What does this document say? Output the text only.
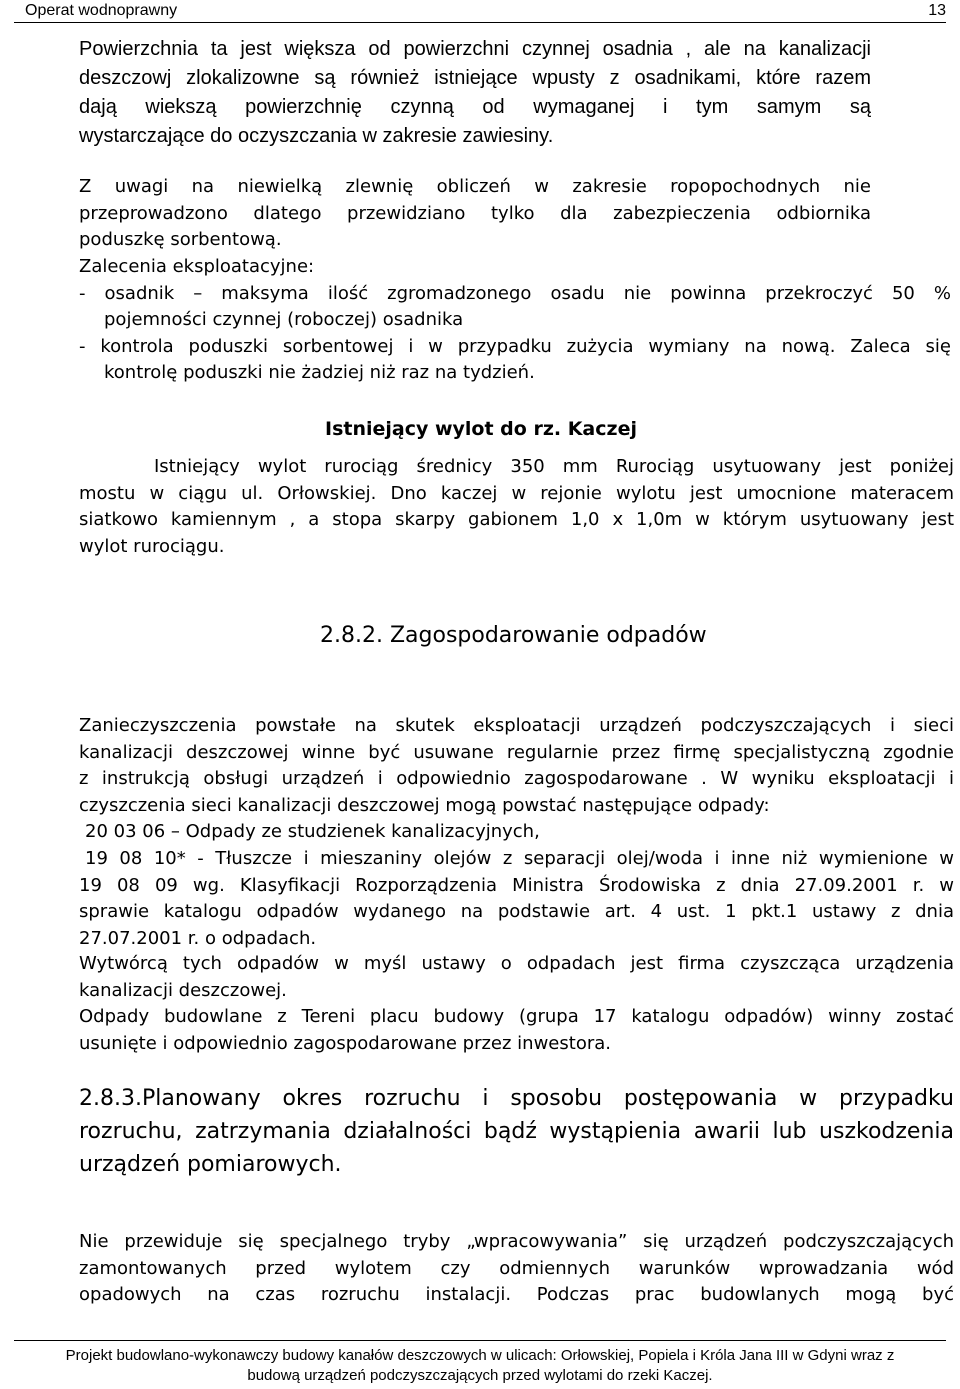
Operat wodnoprawny	13
Powierzchnia ta jest większa od powierzchni czynnej osadnia , ale na kanalizacji
deszczowj zlokalizowne są również istniejące wpusty z osadnikami, które razem
dają wiekszą powierzchnię czynną od wymaganej i tym samym są
wystarczające do oczyszczania w zakresie zawiesiny.
Z uwagi na niewielką zlewnię obliczeń w zakresie ropopochodnych nie
przeprowadzono dlatego przewidziano tylko dla zabezpieczenia odbiornika
poduszkę sorbentową.
Zalecenia eksploatacyjne:
- osadnik – maksyma ilość zgromadzonego osadu nie powinna przekroczyć 50 %
pojemności czynnej (roboczej) osadnika
- kontrola poduszki sorbentowej i w przypadku zużycia wymiany na nową. Zaleca się
kontrolę poduszki nie żadziej niż raz na tydzień.
Istniejący wylot do rz. Kaczej
Istniejący wylot rurociąg średnicy 350 mm Rurociąg usytuowany jest poniżej
mostu w ciągu ul. Orłowskiej. Dno kaczej w rejonie wylotu jest umocnione materacem
siatkowo kamiennym , a stopa skarpy gabionem 1,0 x 1,0m w którym usytuowany jest
wylot rurociągu.
2.8.2. Zagospodarowanie odpadów
Zanieczyszczenia powstałe na skutek eksploatacji urządzeń podczyszczających i sieci
kanalizacji deszczowej winne być usuwane regularnie przez firmę specjalistyczną zgodnie
z instrukcją obsługi urządzeń i odpowiednio zagospodarowane . W wyniku eksploatacji i
czyszczenia sieci kanalizacji deszczowej mogą powstać następujące odpady:
20 03 06 – Odpady ze studzienek kanalizacyjnych,
19 08 10* - Tłuszcze i mieszaniny olejów z separacji olej/woda i inne niż wymienione w
19 08 09 wg. Klasyfikacji Rozporządzenia Ministra Środowiska z dnia 27.09.2001 r. w
sprawie katalogu odpadów wydanego na podstawie art. 4 ust. 1 pkt.1 ustawy z dnia
27.07.2001 r. o odpadach.
Wytwórcą tych odpadów w myśl ustawy o odpadach jest firma czyszcząca urządzenia
kanalizacji deszczowej.
Odpady budowlane z Tereni placu budowy (grupa 17 katalogu odpadów) winny zostać
usunięte i odpowiednio zagospodarowane przez inwestora.
2.8.3.Planowany okres rozruchu i sposobu postępowania w przypadku
rozruchu, zatrzymania działalności bądź wystąpienia awarii lub uszkodzenia
urządzeń pomiarowych.
Nie przewiduje się specjalnego tryby „wpracowywania” się urządzeń podczyszczających
zamontowanych przed wylotem czy odmiennych warunków wprowadzania wód
opadowych na czas rozruchu instalacji. Podczas prac budowlanych mogą być
Projekt budowlano-wykonawczy budowy kanałów deszczowych w ulicach: Orłowskiej, Popiela i Króla Jana III w Gdyni wraz z
budową urządzeń podczyszczających przed wylotami do rzeki Kaczej.
